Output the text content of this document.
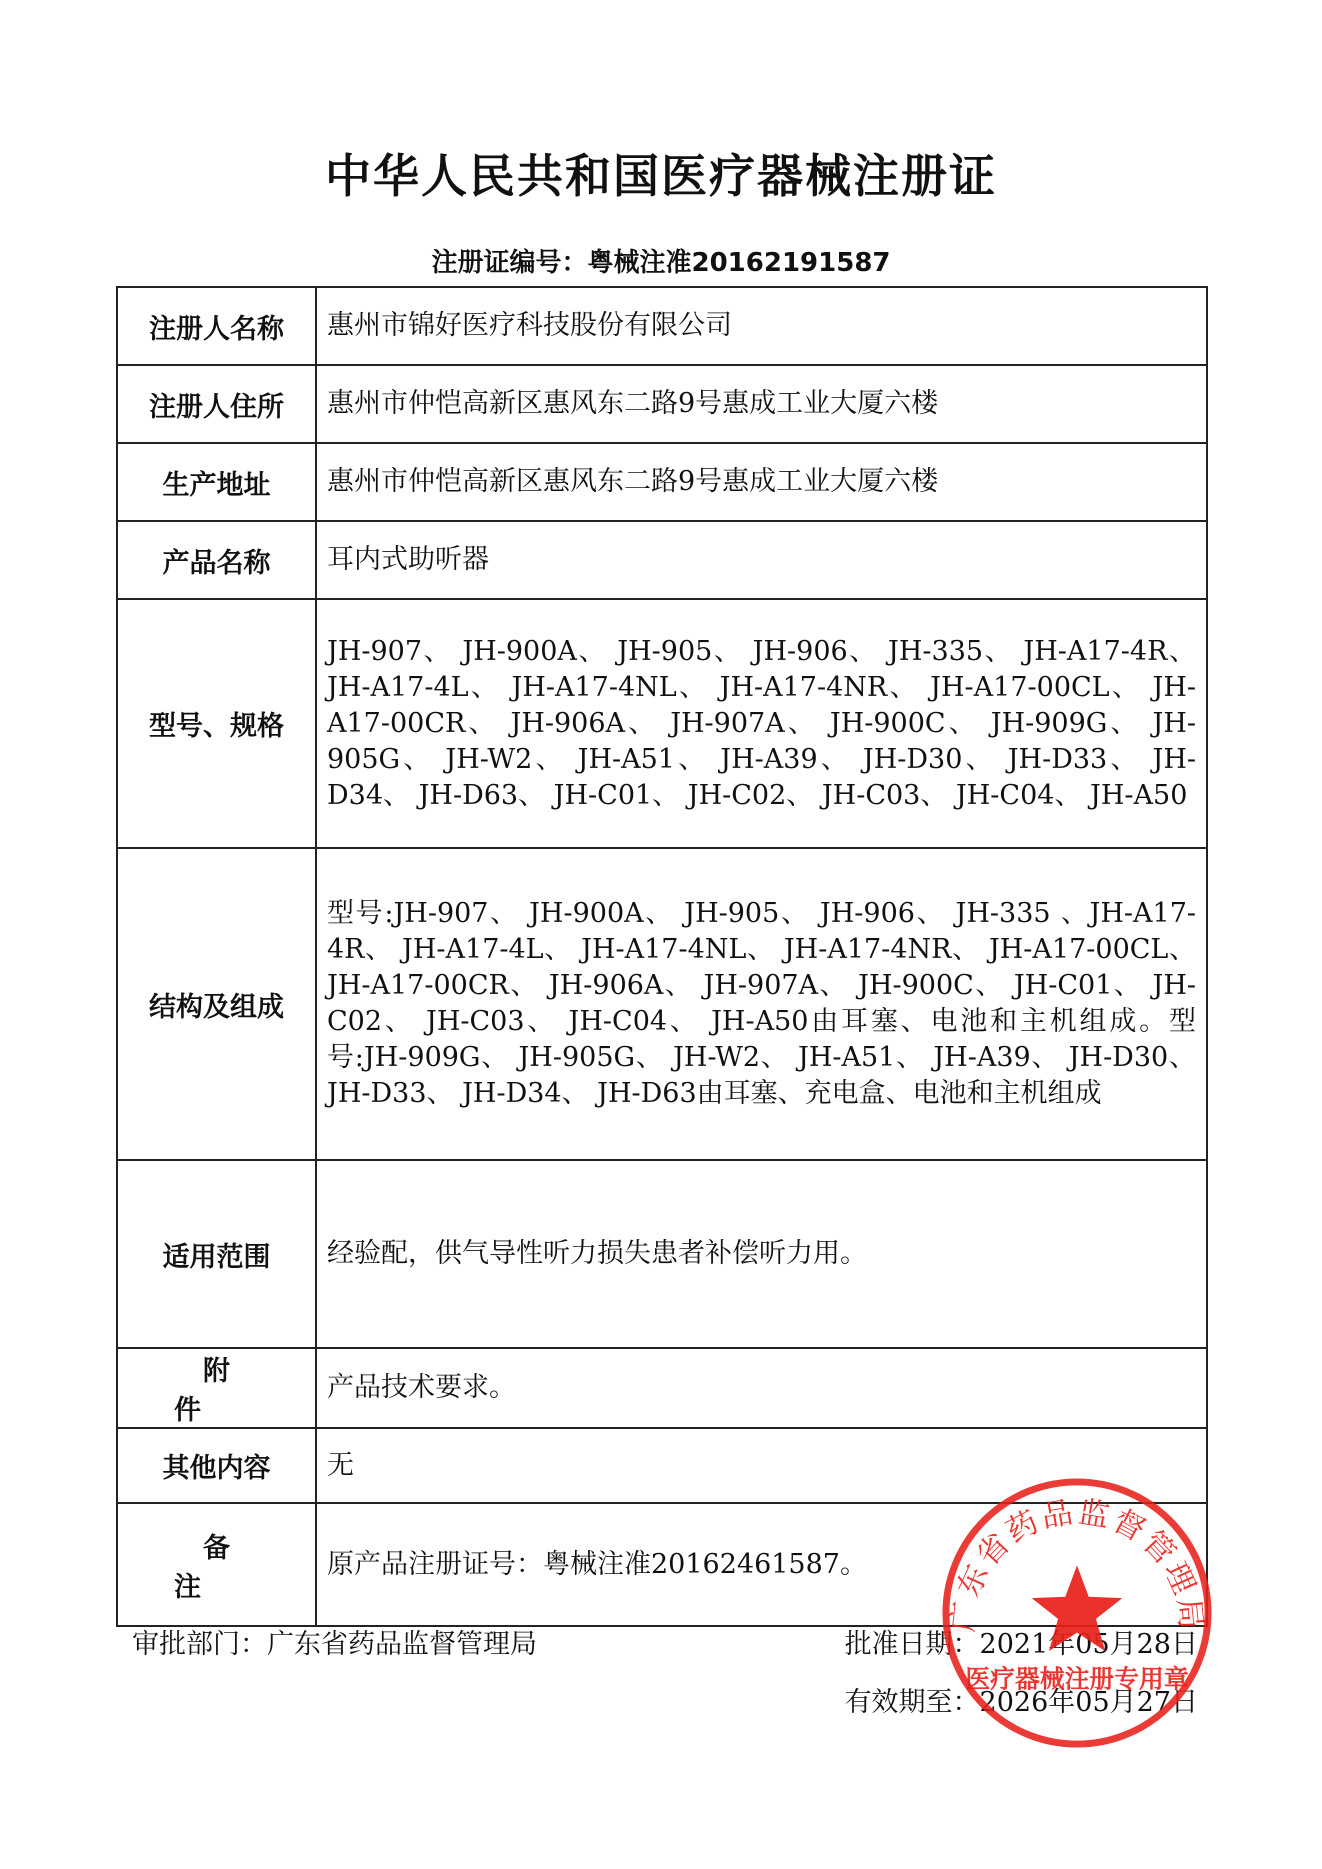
中华人民共和国医疗器械注册证
注册证编号：粤械注准20162191587
注册人名称	惠州市锦好医疗科技股份有限公司
注册人住所	惠州市仲恺高新区惠风东二路9号惠成工业大厦六楼
生产地址	惠州市仲恺高新区惠风东二路9号惠成工业大厦六楼
产品名称	耳内式助听器
型号、规格	JH-907、 JH-900A、 JH-905、 JH-906、 JH-335、 JH-A17-4R、 JH-A17-4L、 JH-A17-4NL、 JH-A17-4NR、 JH-A17-00CL、 JH-A17-00CR、 JH-906A、 JH-907A、 JH-900C、 JH-909G、 JH-905G、 JH-W2、 JH-A51、 JH-A39、 JH-D30、 JH-D33、 JH-D34、 JH-D63、 JH-C01、 JH-C02、 JH-C03、 JH-C04、 JH-A50
结构及组成	型号:JH-907、 JH-900A、 JH-905、 JH-906、 JH-335 、JH-A17-4R、 JH-A17-4L、 JH-A17-4NL、 JH-A17-4NR、 JH-A17-00CL、 JH-A17-00CR、 JH-906A、 JH-907A、 JH-900C、 JH-C01、 JH-C02、 JH-C03、 JH-C04、 JH-A50由耳塞、电池和主机组成。型号:JH-909G、 JH-905G、 JH-W2、 JH-A51、 JH-A39、 JH-D30、 JH-D33、 JH-D34、 JH-D63由耳塞、充电盒、电池和主机组成
适用范围	经验配，供气导性听力损失患者补偿听力用。
附件	产品技术要求。
其他内容	无
备注	原产品注册证号：粤械注准20162461587。
审批部门：广东省药品监督管理局	批准日期：2021年05月28日
有效期至：2026年05月27日
广东省药品监督管理局
医疗器械注册专用章
